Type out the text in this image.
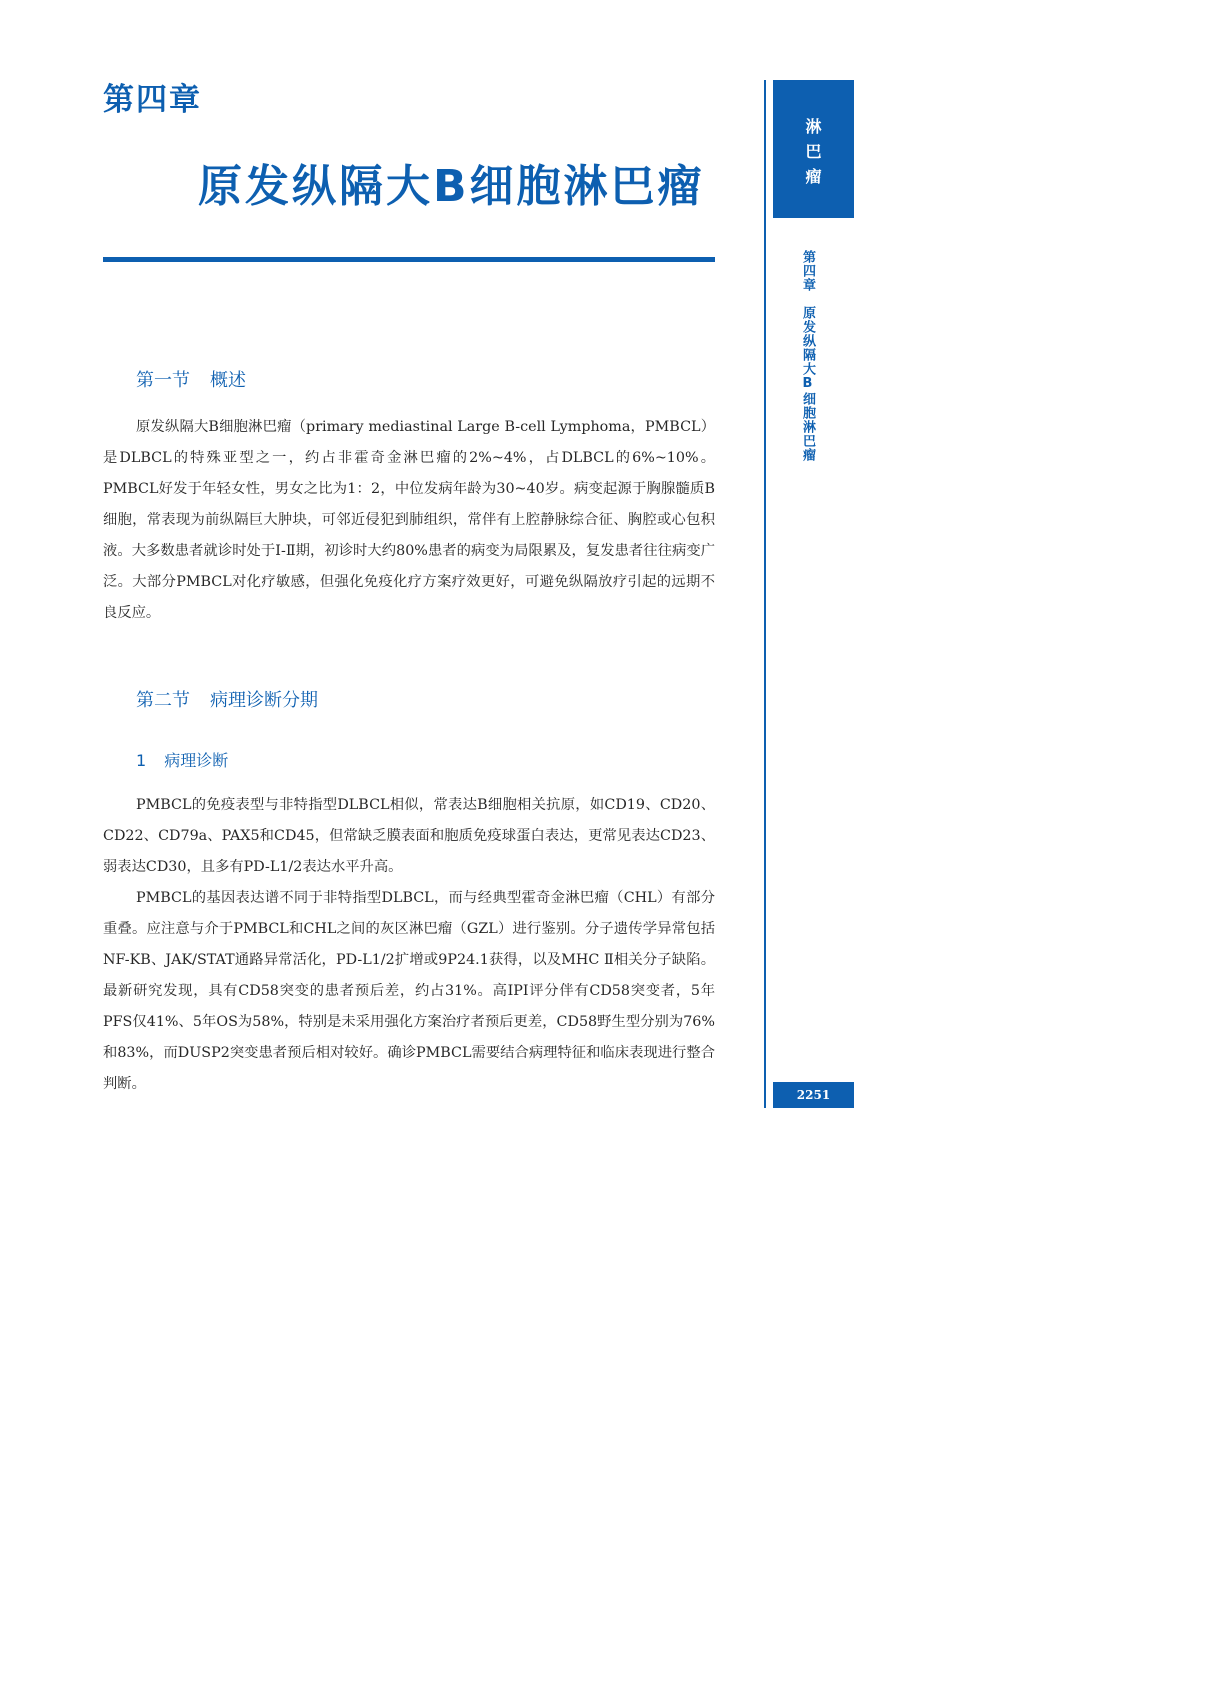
第四章
原发纵隔大B细胞淋巴瘤
第一节 概述

原发纵隔大B细胞淋巴瘤（primary mediastinal Large B-cell Lymphoma，PMBCL）是DLBCL的特殊亚型之一，约占非霍奇金淋巴瘤的2%~4%，占DLBCL的6%~10%。PMBCL好发于年轻女性，男女之比为1：2，中位发病年龄为30~40岁。病变起源于胸腺髓质B细胞，常表现为前纵隔巨大肿块，可邻近侵犯到肺组织，常伴有上腔静脉综合征、胸腔或心包积液。大多数患者就诊时处于Ⅰ-Ⅱ期，初诊时大约80%患者的病变为局限累及，复发患者往往病变广泛。大部分PMBCL对化疗敏感，但强化免疫化疗方案疗效更好，可避免纵隔放疗引起的远期不良反应。

第二节 病理诊断分期
1 病理诊断

PMBCL的免疫表型与非特指型DLBCL相似，常表达B细胞相关抗原，如CD19、CD20、CD22、CD79a、PAX5和CD45，但常缺乏膜表面和胞质免疫球蛋白表达，更常见表达CD23、弱表达CD30，且多有PD-L1/2表达水平升高。

PMBCL的基因表达谱不同于非特指型DLBCL，而与经典型霍奇金淋巴瘤（CHL）有部分重叠。应注意与介于PMBCL和CHL之间的灰区淋巴瘤（GZL）进行鉴别。分子遗传学异常包括NF-KB、JAK/STAT通路异常活化，PD-L1/2扩增或9P24.1获得，以及MHC Ⅱ相关分子缺陷。最新研究发现，具有CD58突变的患者预后差，约占31%。高IPI评分伴有CD58突变者，5年PFS仅41%、5年OS为58%，特别是未采用强化方案治疗者预后更差，CD58野生型分别为76%和83%，而DUSP2突变患者预后相对较好。确诊PMBCL需要结合病理特征和临床表现进行整合判断。

淋
巴
瘤
第四章原发纵隔大B细胞淋巴瘤
2251
